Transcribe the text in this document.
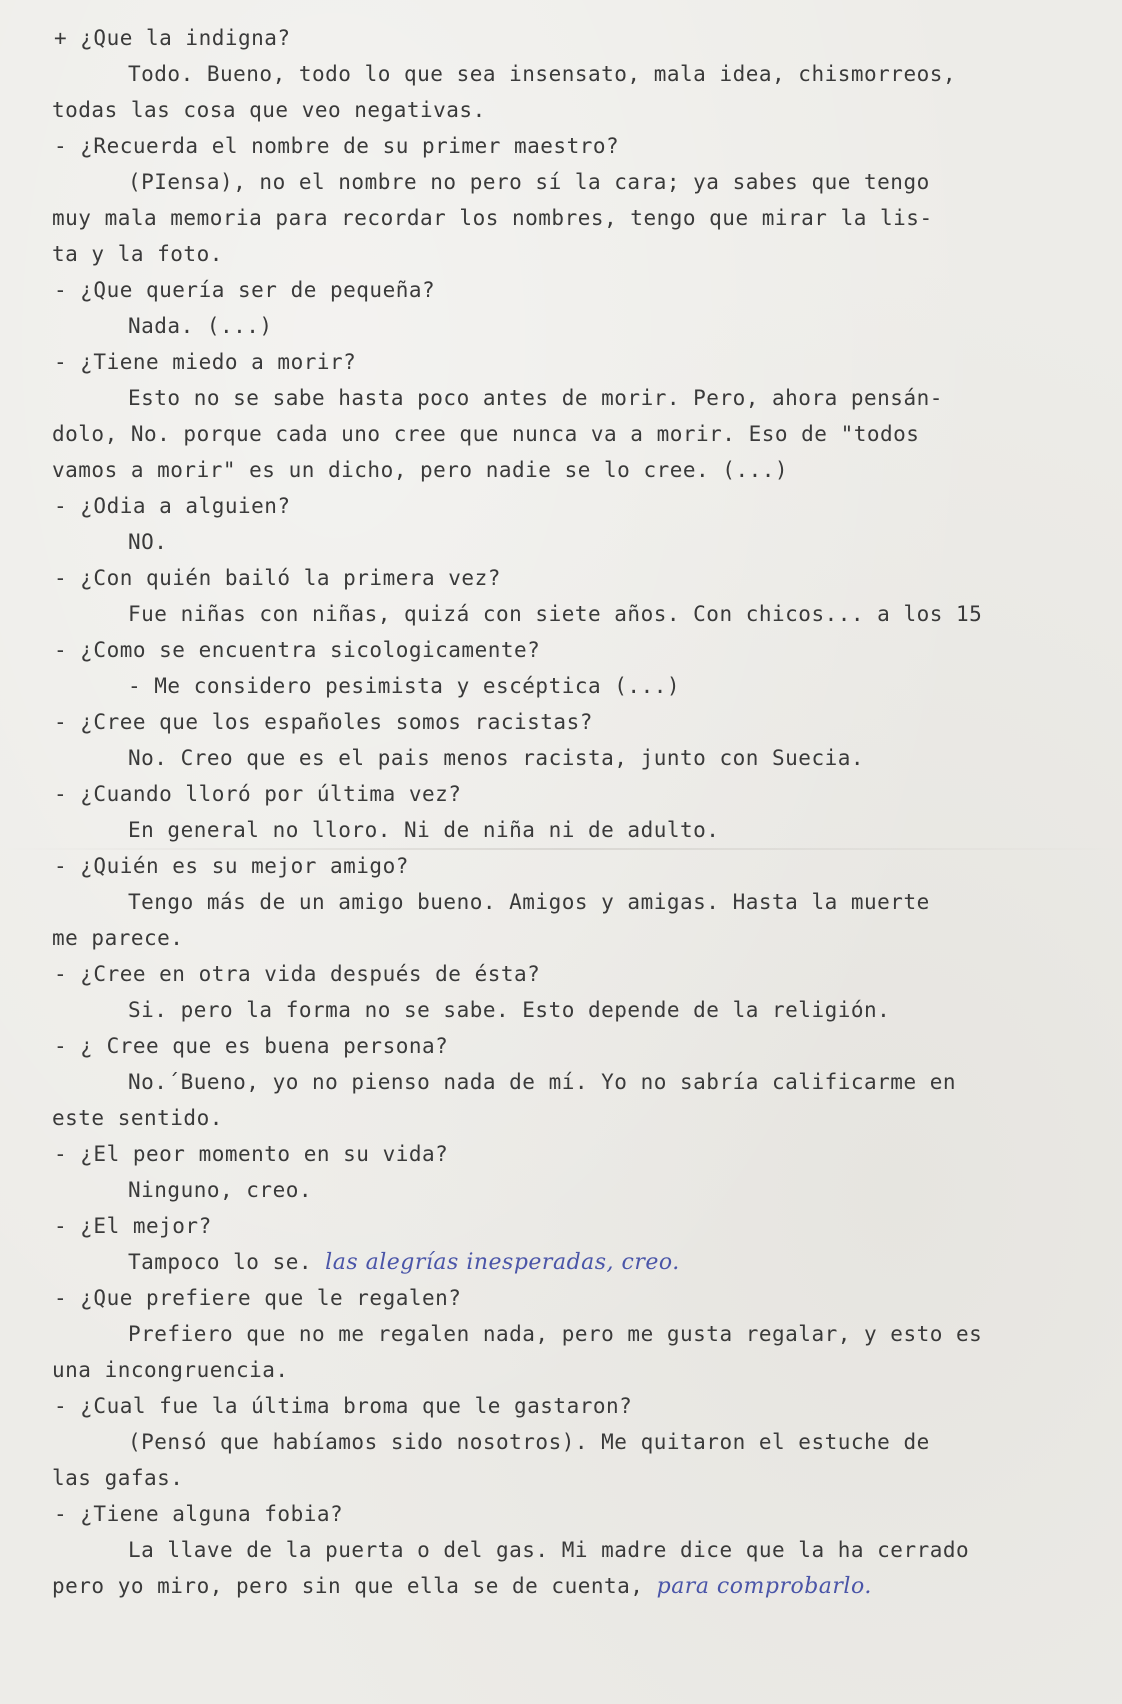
+ ¿Que la indigna?
Todo. Bueno, todo lo que sea insensato, mala idea, chismorreos,
todas las cosa que veo negativas.
- ¿Recuerda el nombre de su primer maestro?
(PIensa), no el nombre no pero sí la cara; ya sabes que tengo
muy mala memoria para recordar los nombres, tengo que mirar la lis-
ta y la foto.
- ¿Que quería ser de pequeña?
Nada. (...)
- ¿Tiene miedo a morir?
Esto no se sabe hasta poco antes de morir. Pero, ahora pensán-
dolo, No. porque cada uno cree que nunca va a morir. Eso de "todos
vamos a morir" es un dicho, pero nadie se lo cree. (...)
- ¿Odia a alguien?
NO.
- ¿Con quién bailó la primera vez?
Fue niñas con niñas, quizá con siete años. Con chicos... a los 15
- ¿Como se encuentra sicologicamente?
- Me considero pesimista y escéptica (...)
- ¿Cree que los españoles somos racistas?
No. Creo que es el pais menos racista, junto con Suecia.
- ¿Cuando lloró por última vez?
En general no lloro. Ni de niña ni de adulto.
- ¿Quién es su mejor amigo?
Tengo más de un amigo bueno. Amigos y amigas. Hasta la muerte
me parece.
- ¿Cree en otra vida después de ésta?
Si. pero la forma no se sabe. Esto depende de la religión.
- ¿ Cree que es buena persona?
No.´Bueno, yo no pienso nada de mí. Yo no sabría calificarme en
este sentido.
- ¿El peor momento en su vida?
Ninguno, creo.
- ¿El mejor?
Tampoco lo se. las alegrías inesperadas, creo.
- ¿Que prefiere que le regalen?
Prefiero que no me regalen nada, pero me gusta regalar, y esto es
una incongruencia.
- ¿Cual fue la última broma que le gastaron?
(Pensó que habíamos sido nosotros). Me quitaron el estuche de
las gafas.
- ¿Tiene alguna fobia?
La llave de la puerta o del gas. Mi madre dice que la ha cerrado
pero yo miro, pero sin que ella se de cuenta, para comprobarlo.
